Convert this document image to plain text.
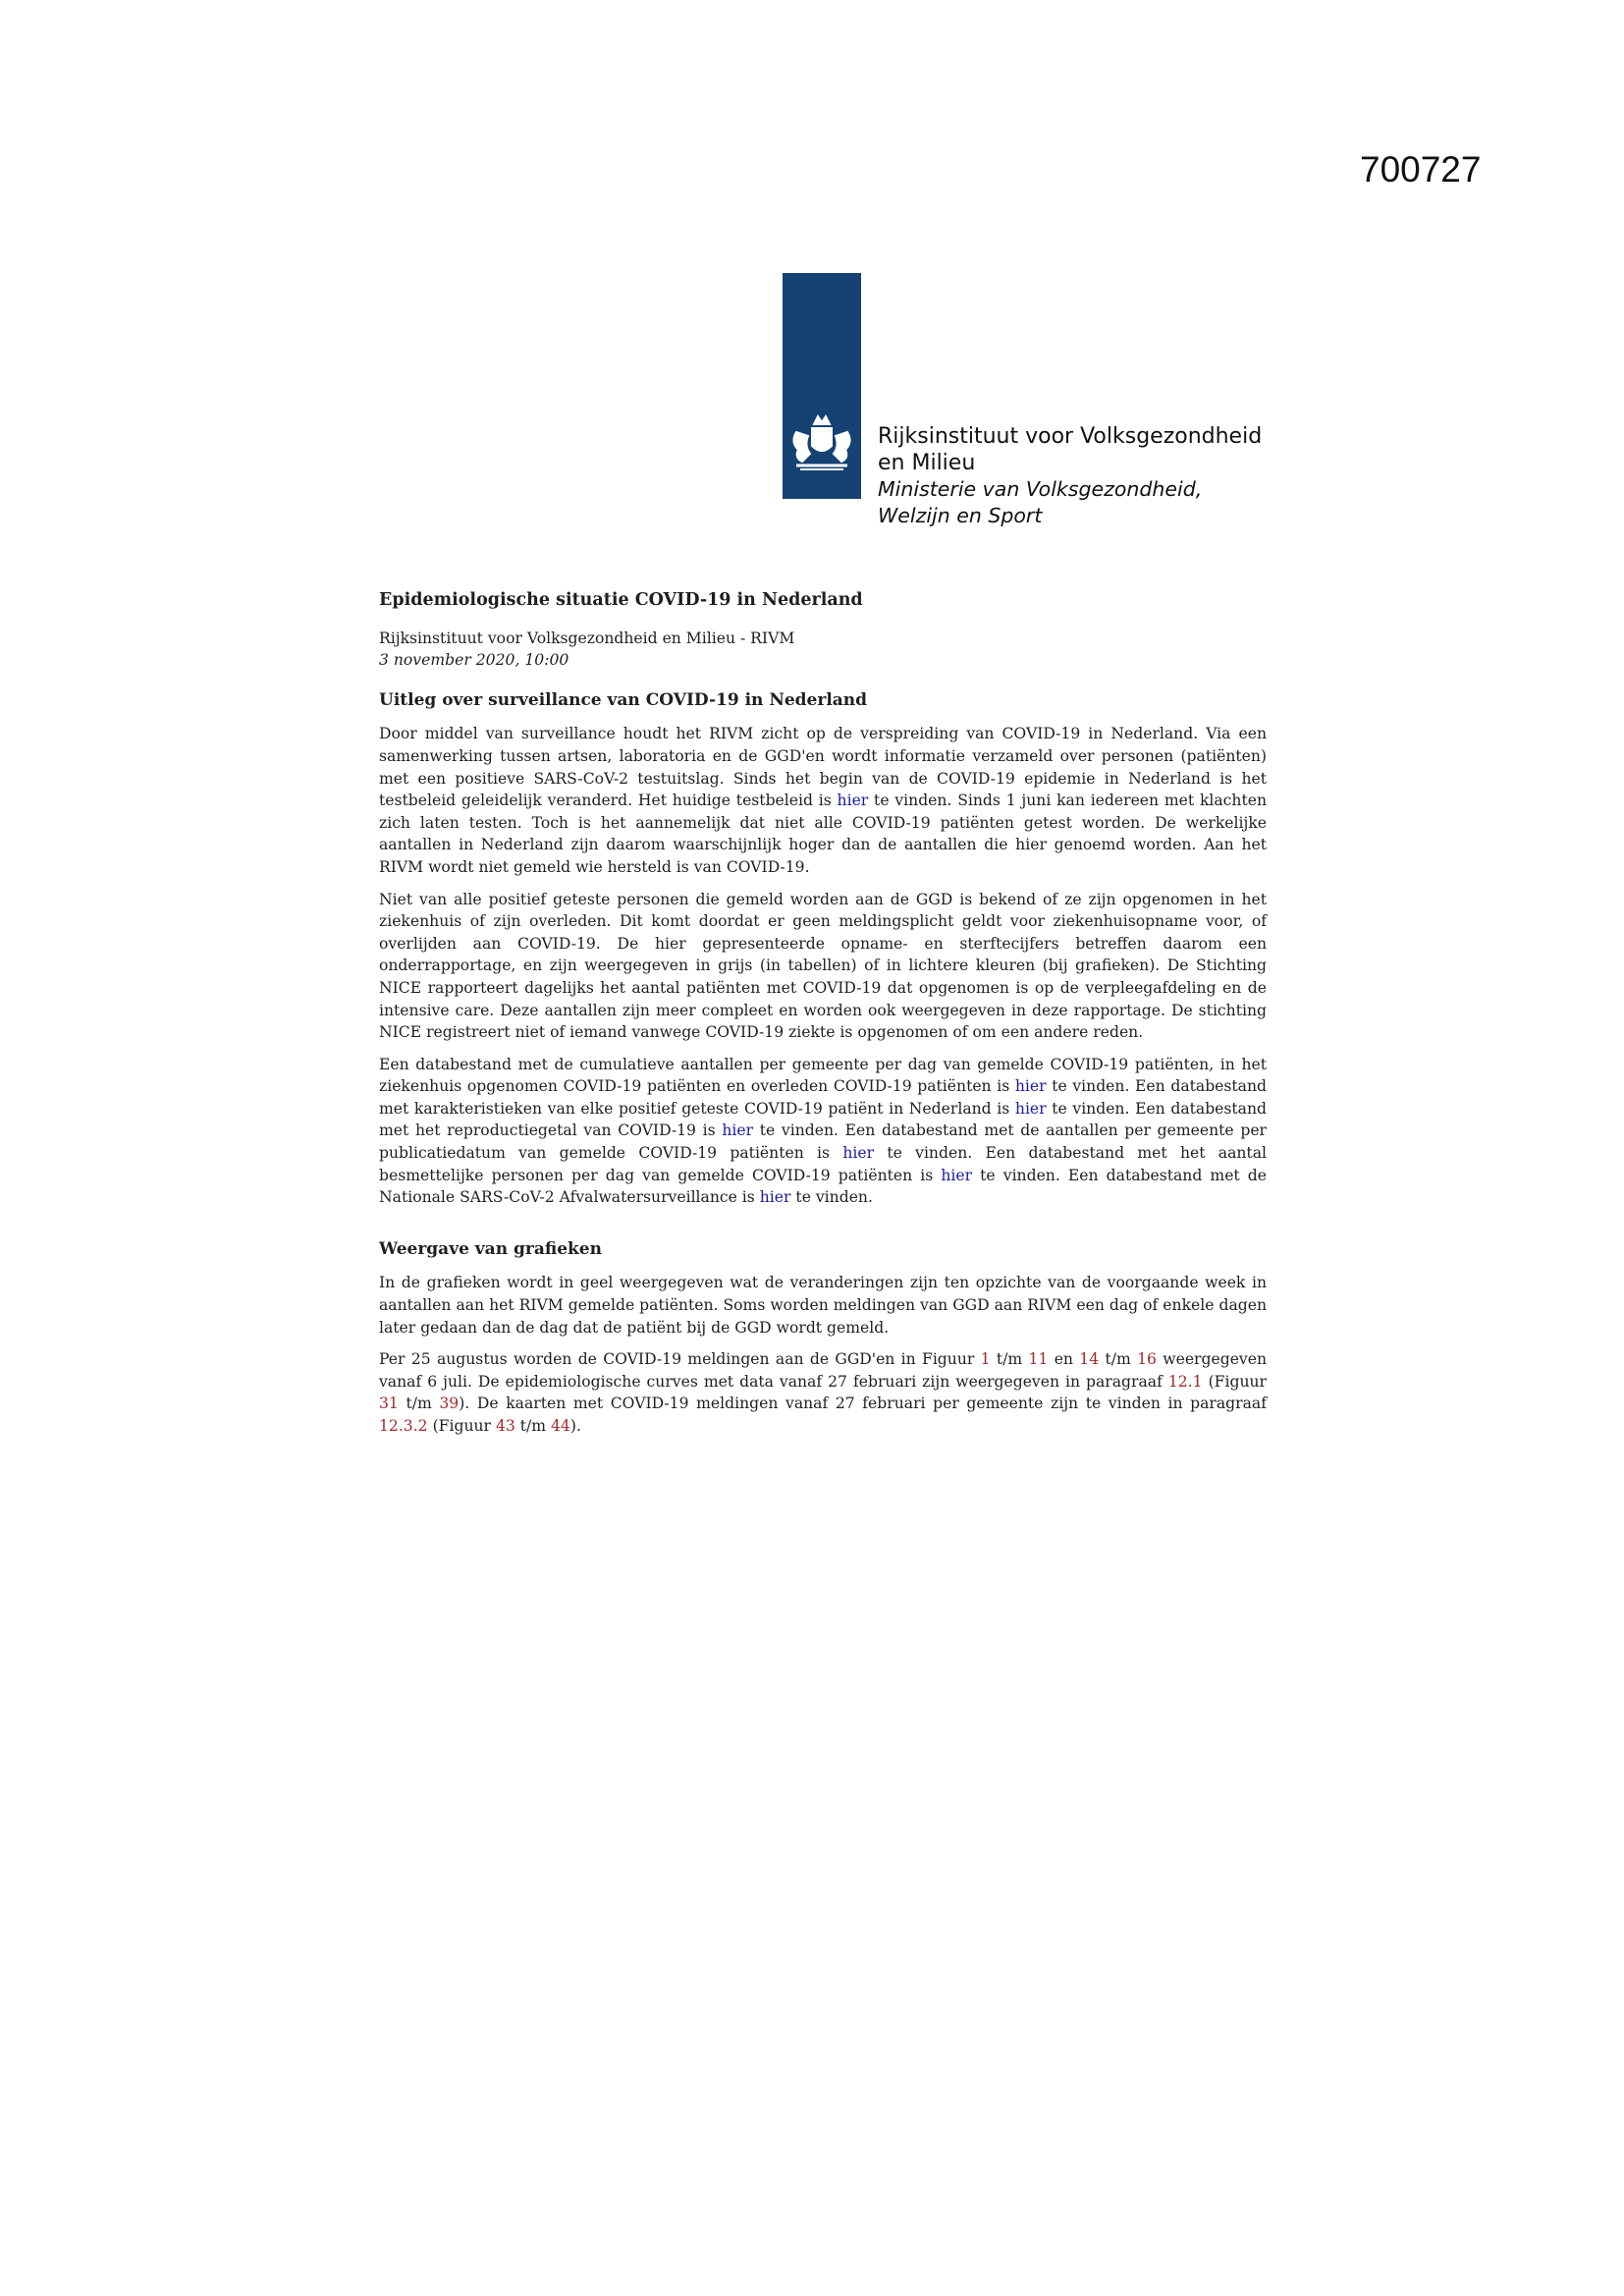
700727
Rijksinstituut voor Volksgezondheid
en Milieu
Ministerie van Volksgezondheid,
Welzijn en Sport
Epidemiologische situatie COVID-19 in Nederland

Rijksinstituut voor Volksgezondheid en Milieu - RIVM

3 november 2020, 10:00

Uitleg over surveillance van COVID-19 in Nederland

Door middel van surveillance houdt het RIVM zicht op de verspreiding van COVID-19 in Nederland. Via een samenwerking tussen artsen, laboratoria en de GGD'en wordt informatie verzameld over personen (patiënten) met een positieve SARS-CoV-2 testuitslag. Sinds het begin van de COVID-19 epidemie in Nederland is het testbeleid geleidelijk veranderd. Het huidige testbeleid is hier te vinden. Sinds 1 juni kan iedereen met klachten zich laten testen. Toch is het aannemelijk dat niet alle COVID-19 patiënten getest worden. De werkelijke aantallen in Nederland zijn daarom waarschijnlijk hoger dan de aantallen die hier genoemd worden. Aan het RIVM wordt niet gemeld wie hersteld is van COVID-19.

Niet van alle positief geteste personen die gemeld worden aan de GGD is bekend of ze zijn opgenomen in het ziekenhuis of zijn overleden. Dit komt doordat er geen meldingsplicht geldt voor ziekenhuisopname voor, of overlijden aan COVID-19. De hier gepresenteerde opname- en sterftecijfers betreffen daarom een onderrapportage, en zijn weergegeven in grijs (in tabellen) of in lichtere kleuren (bij grafieken). De Stichting NICE rapporteert dagelijks het aantal patiënten met COVID-19 dat opgenomen is op de verpleegafdeling en de intensive care. Deze aantallen zijn meer compleet en worden ook weergegeven in deze rapportage. De stichting NICE registreert niet of iemand vanwege COVID-19 ziekte is opgenomen of om een andere reden.

Een databestand met de cumulatieve aantallen per gemeente per dag van gemelde COVID-19 patiënten, in het ziekenhuis opgenomen COVID-19 patiënten en overleden COVID-19 patiënten is hier te vinden. Een databestand met karakteristieken van elke positief geteste COVID-19 patiënt in Nederland is hier te vinden. Een databestand met het reproductiegetal van COVID-19 is hier te vinden. Een databestand met de aantallen per gemeente per publicatiedatum van gemelde COVID-19 patiënten is hier te vinden. Een databestand met het aantal besmettelijke personen per dag van gemelde COVID-19 patiënten is hier te vinden. Een databestand met de Nationale SARS-CoV-2 Afvalwatersurveillance is hier te vinden.

Weergave van grafieken

In de grafieken wordt in geel weergegeven wat de veranderingen zijn ten opzichte van de voorgaande week in aantallen aan het RIVM gemelde patiënten. Soms worden meldingen van GGD aan RIVM een dag of enkele dagen later gedaan dan de dag dat de patiënt bij de GGD wordt gemeld.

Per 25 augustus worden de COVID-19 meldingen aan de GGD'en in Figuur 1 t/m 11 en 14 t/m 16 weergegeven vanaf 6 juli. De epidemiologische curves met data vanaf 27 februari zijn weergegeven in paragraaf 12.1 (Figuur 31 t/m 39). De kaarten met COVID-19 meldingen vanaf 27 februari per gemeente zijn te vinden in paragraaf 12.3.2 (Figuur 43 t/m 44).
